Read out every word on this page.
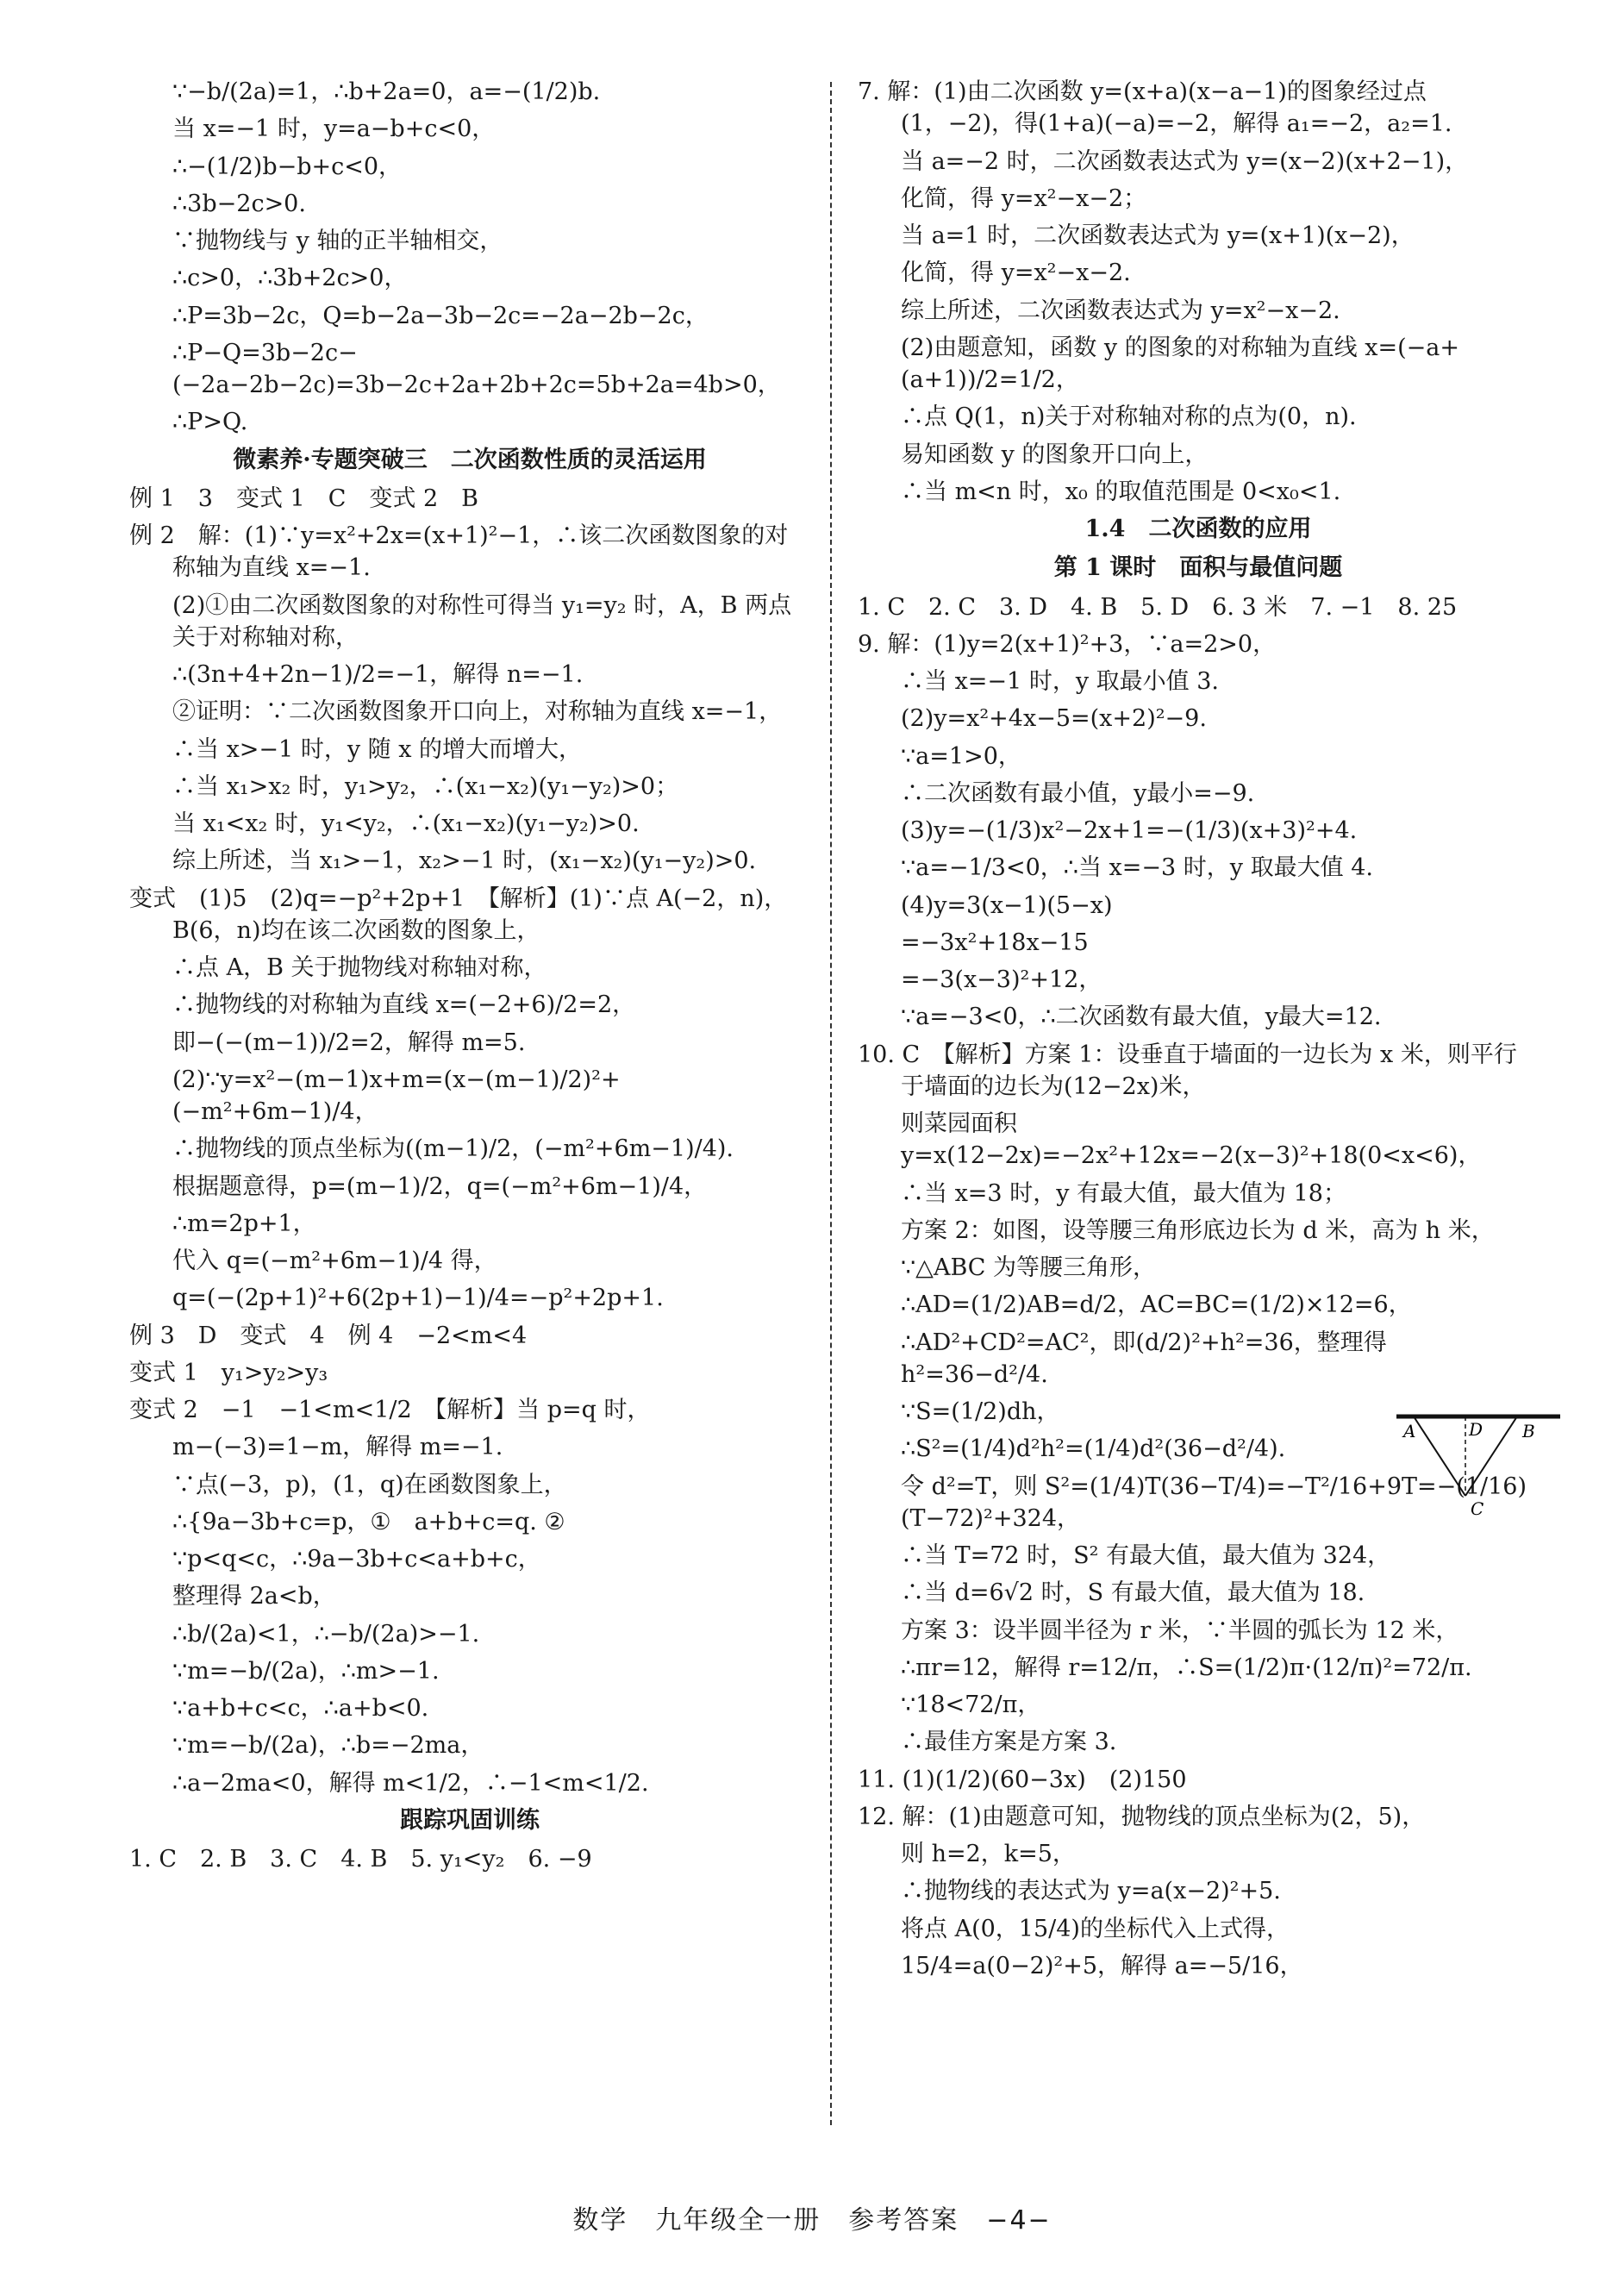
∵−b/(2a)=1，∴b+2a=0，a=−(1/2)b.
当 x=−1 时，y=a−b+c<0，
∴−(1/2)b−b+c<0，
∴3b−2c>0.
∵抛物线与 y 轴的正半轴相交，
∴c>0，∴3b+2c>0，
∴P=3b−2c，Q=b−2a−3b−2c=−2a−2b−2c，
∴P−Q=3b−2c−(−2a−2b−2c)=3b−2c+2a+2b+2c=5b+2a=4b>0，
∴P>Q.
微素养·专题突破三　二次函数性质的灵活运用
例 1　3　变式 1　C　变式 2　B
例 2　解：(1)∵y=x²+2x=(x+1)²−1，∴该二次函数图象的对称轴为直线 x=−1.
(2)①由二次函数图象的对称性可得当 y₁=y₂ 时，A，B 两点关于对称轴对称，
∴(3n+4+2n−1)/2=−1，解得 n=−1.
②证明：∵二次函数图象开口向上，对称轴为直线 x=−1，
∴当 x>−1 时，y 随 x 的增大而增大，
∴当 x₁>x₂ 时，y₁>y₂，∴(x₁−x₂)(y₁−y₂)>0；
当 x₁<x₂ 时，y₁<y₂，∴(x₁−x₂)(y₁−y₂)>0.
综上所述，当 x₁>−1，x₂>−1 时，(x₁−x₂)(y₁−y₂)>0.
变式　(1)5　(2)q=−p²+2p+1　【解析】(1)∵点 A(−2，n)，B(6，n)均在该二次函数的图象上，
∴点 A，B 关于抛物线对称轴对称，
∴抛物线的对称轴为直线 x=(−2+6)/2=2，
即−(−(m−1))/2=2，解得 m=5.
(2)∵y=x²−(m−1)x+m=(x−(m−1)/2)²+(−m²+6m−1)/4，
∴抛物线的顶点坐标为((m−1)/2，(−m²+6m−1)/4).
根据题意得，p=(m−1)/2，q=(−m²+6m−1)/4，
∴m=2p+1，
代入 q=(−m²+6m−1)/4 得，
q=(−(2p+1)²+6(2p+1)−1)/4=−p²+2p+1.
例 3　D　变式　4　例 4　−2<m<4
变式 1　y₁>y₂>y₃
变式 2　−1　−1<m<1/2　【解析】当 p=q 时，
m−(−3)=1−m，解得 m=−1.
∵点(−3，p)，(1，q)在函数图象上，
∴{9a−3b+c=p，①　a+b+c=q. ②
∵p<q<c，∴9a−3b+c<a+b+c，
整理得 2a<b，
∴b/(2a)<1，∴−b/(2a)>−1.
∵m=−b/(2a)，∴m>−1.
∵a+b+c<c，∴a+b<0.
∵m=−b/(2a)，∴b=−2ma，
∴a−2ma<0，解得 m<1/2，∴−1<m<1/2.
跟踪巩固训练
1. C　2. B　3. C　4. B　5. y₁<y₂　6. −9
7. 解：(1)由二次函数 y=(x+a)(x−a−1)的图象经过点(1，−2)，得(1+a)(−a)=−2，解得 a₁=−2，a₂=1.
当 a=−2 时，二次函数表达式为 y=(x−2)(x+2−1)，
化简，得 y=x²−x−2；
当 a=1 时，二次函数表达式为 y=(x+1)(x−2)，
化简，得 y=x²−x−2.
综上所述，二次函数表达式为 y=x²−x−2.
(2)由题意知，函数 y 的图象的对称轴为直线 x=(−a+(a+1))/2=1/2，
∴点 Q(1，n)关于对称轴对称的点为(0，n).
易知函数 y 的图象开口向上，
∴当 m<n 时，x₀ 的取值范围是 0<x₀<1.
1.4　二次函数的应用
第 1 课时　面积与最值问题
1. C　2. C　3. D　4. B　5. D　6. 3 米　7. −1　8. 25
9. 解：(1)y=2(x+1)²+3，∵a=2>0，
∴当 x=−1 时，y 取最小值 3.
(2)y=x²+4x−5=(x+2)²−9.
∵a=1>0，
∴二次函数有最小值，y最小=−9.
(3)y=−(1/3)x²−2x+1=−(1/3)(x+3)²+4.
∵a=−1/3<0，∴当 x=−3 时，y 取最大值 4.
(4)y=3(x−1)(5−x)
=−3x²+18x−15
=−3(x−3)²+12，
∵a=−3<0，∴二次函数有最大值，y最大=12.
10. C　【解析】方案 1：设垂直于墙面的一边长为 x 米，则平行于墙面的边长为(12−2x)米，
则菜园面积 y=x(12−2x)=−2x²+12x=−2(x−3)²+18(0<x<6)，
∴当 x=3 时，y 有最大值，最大值为 18；
方案 2：如图，设等腰三角形底边长为 d 米，高为 h 米，
∵△ABC 为等腰三角形，
∴AD=(1/2)AB=d/2，AC=BC=(1/2)×12=6，
∴AD²+CD²=AC²，即(d/2)²+h²=36，整理得 h²=36−d²/4.
∵S=(1/2)dh，
∴S²=(1/4)d²h²=(1/4)d²(36−d²/4).
令 d²=T，则 S²=(1/4)T(36−T/4)=−T²/16+9T=−(1/16)(T−72)²+324，
∴当 T=72 时，S² 有最大值，最大值为 324，
∴当 d=6√2 时，S 有最大值，最大值为 18.
方案 3：设半圆半径为 r 米，∵半圆的弧长为 12 米，
∴πr=12，解得 r=12/π，∴S=(1/2)π·(12/π)²=72/π.
∵18<72/π，
∴最佳方案是方案 3.
11. (1)(1/2)(60−3x)　(2)150
12. 解：(1)由题意可知，抛物线的顶点坐标为(2，5)，
则 h=2，k=5，
∴抛物线的表达式为 y=a(x−2)²+5.
将点 A(0，15/4)的坐标代入上式得，
15/4=a(0−2)²+5，解得 a=−5/16，
A	D B
C
数学　九年级全一册　参考答案　−4−
